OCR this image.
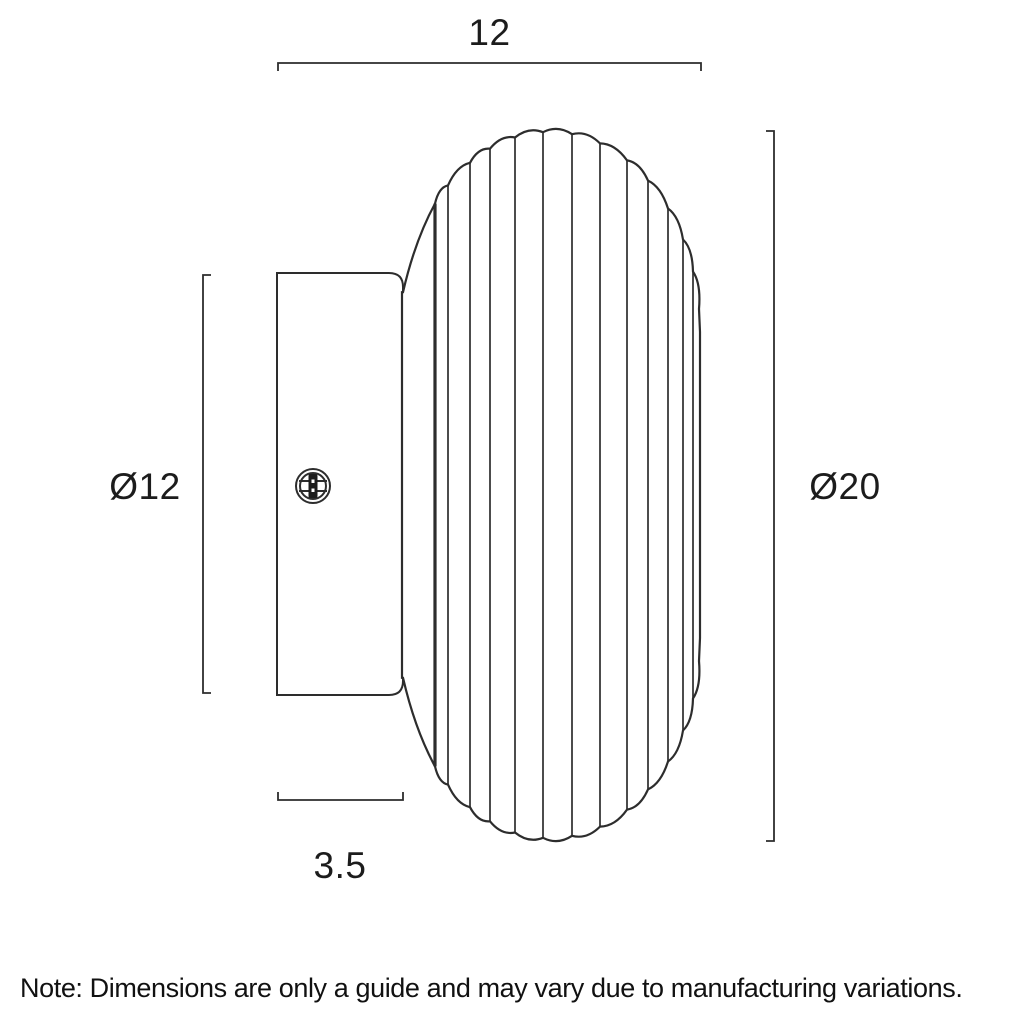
12
Ø12	Ø20
3.5
Note: Dimensions are only a guide and may vary due to manufacturing variations.
